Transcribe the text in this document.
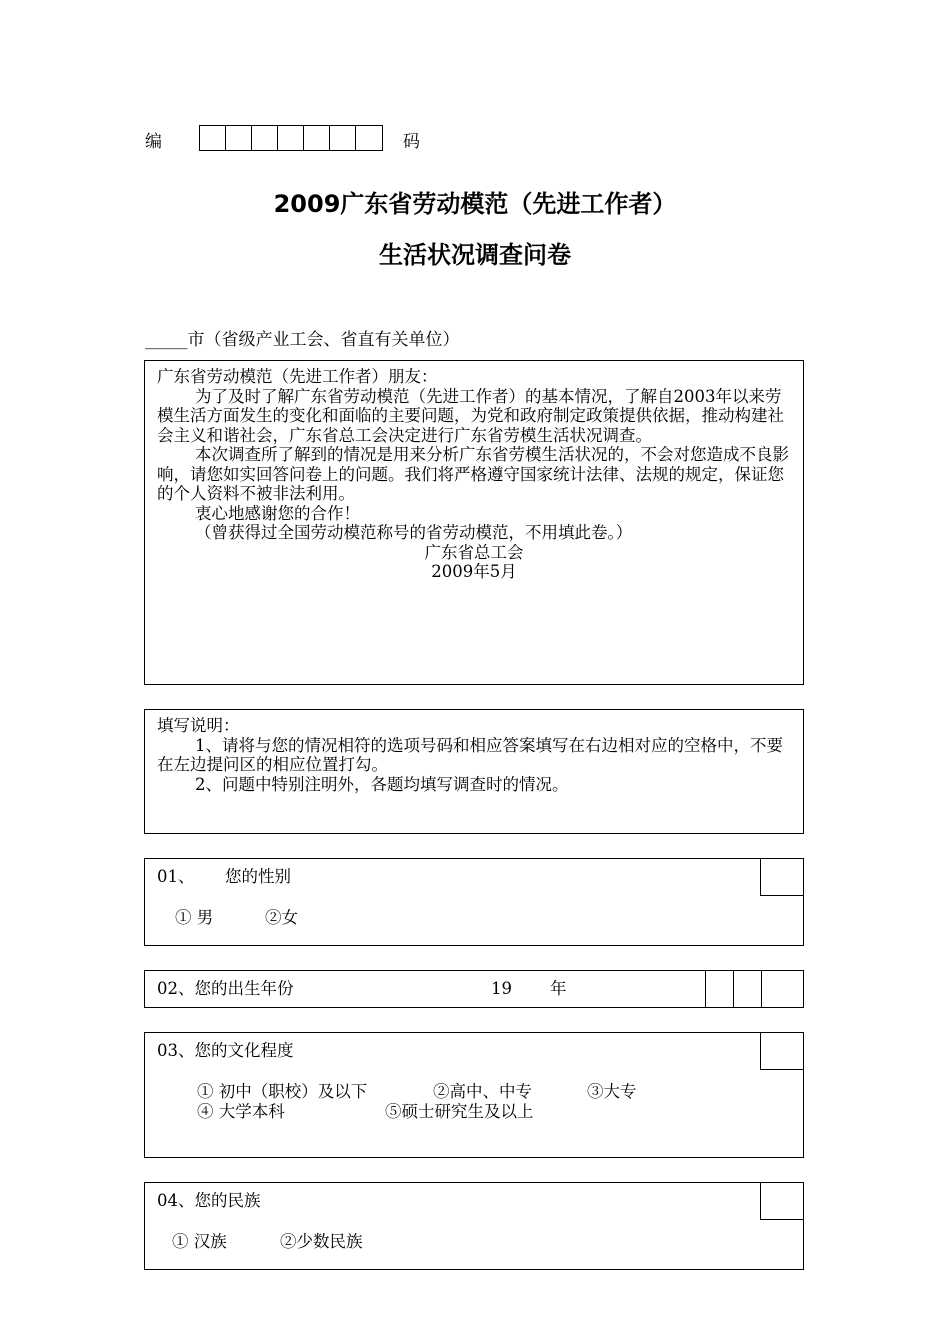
编	码
2009广东省劳动模范（先进工作者）
生活状况调查问卷
_____市（省级产业工会、省直有关单位）
广东省劳动模范（先进工作者）朋友：
为了及时了解广东省劳动模范（先进工作者）的基本情况，了解自2003年以来劳模生活方面发生的变化和面临的主要问题，为党和政府制定政策提供依据，推动构建社会主义和谐社会，广东省总工会决定进行广东省劳模生活状况调查。
本次调查所了解到的情况是用来分析广东省劳模生活状况的，不会对您造成不良影响，请您如实回答问卷上的问题。我们将严格遵守国家统计法律、法规的规定，保证您的个人资料不被非法利用。
衷心地感谢您的合作！
（曾获得过全国劳动模范称号的省劳动模范，不用填此卷。）
广东省总工会
2009年5月
填写说明：
1、请将与您的情况相符的选项号码和相应答案填写在右边相对应的空格中，不要在左边提问区的相应位置打勾。
2、问题中特别注明外，各题均填写调查时的情况。
01、 您的性别
① 男	②女
02、您的出生年份	19 年
03、您的文化程度
① 初中（职校）及以下	②高中、中专	③大专
④ 大学本科	⑤硕士研究生及以上
04、您的民族
① 汉族	②少数民族
